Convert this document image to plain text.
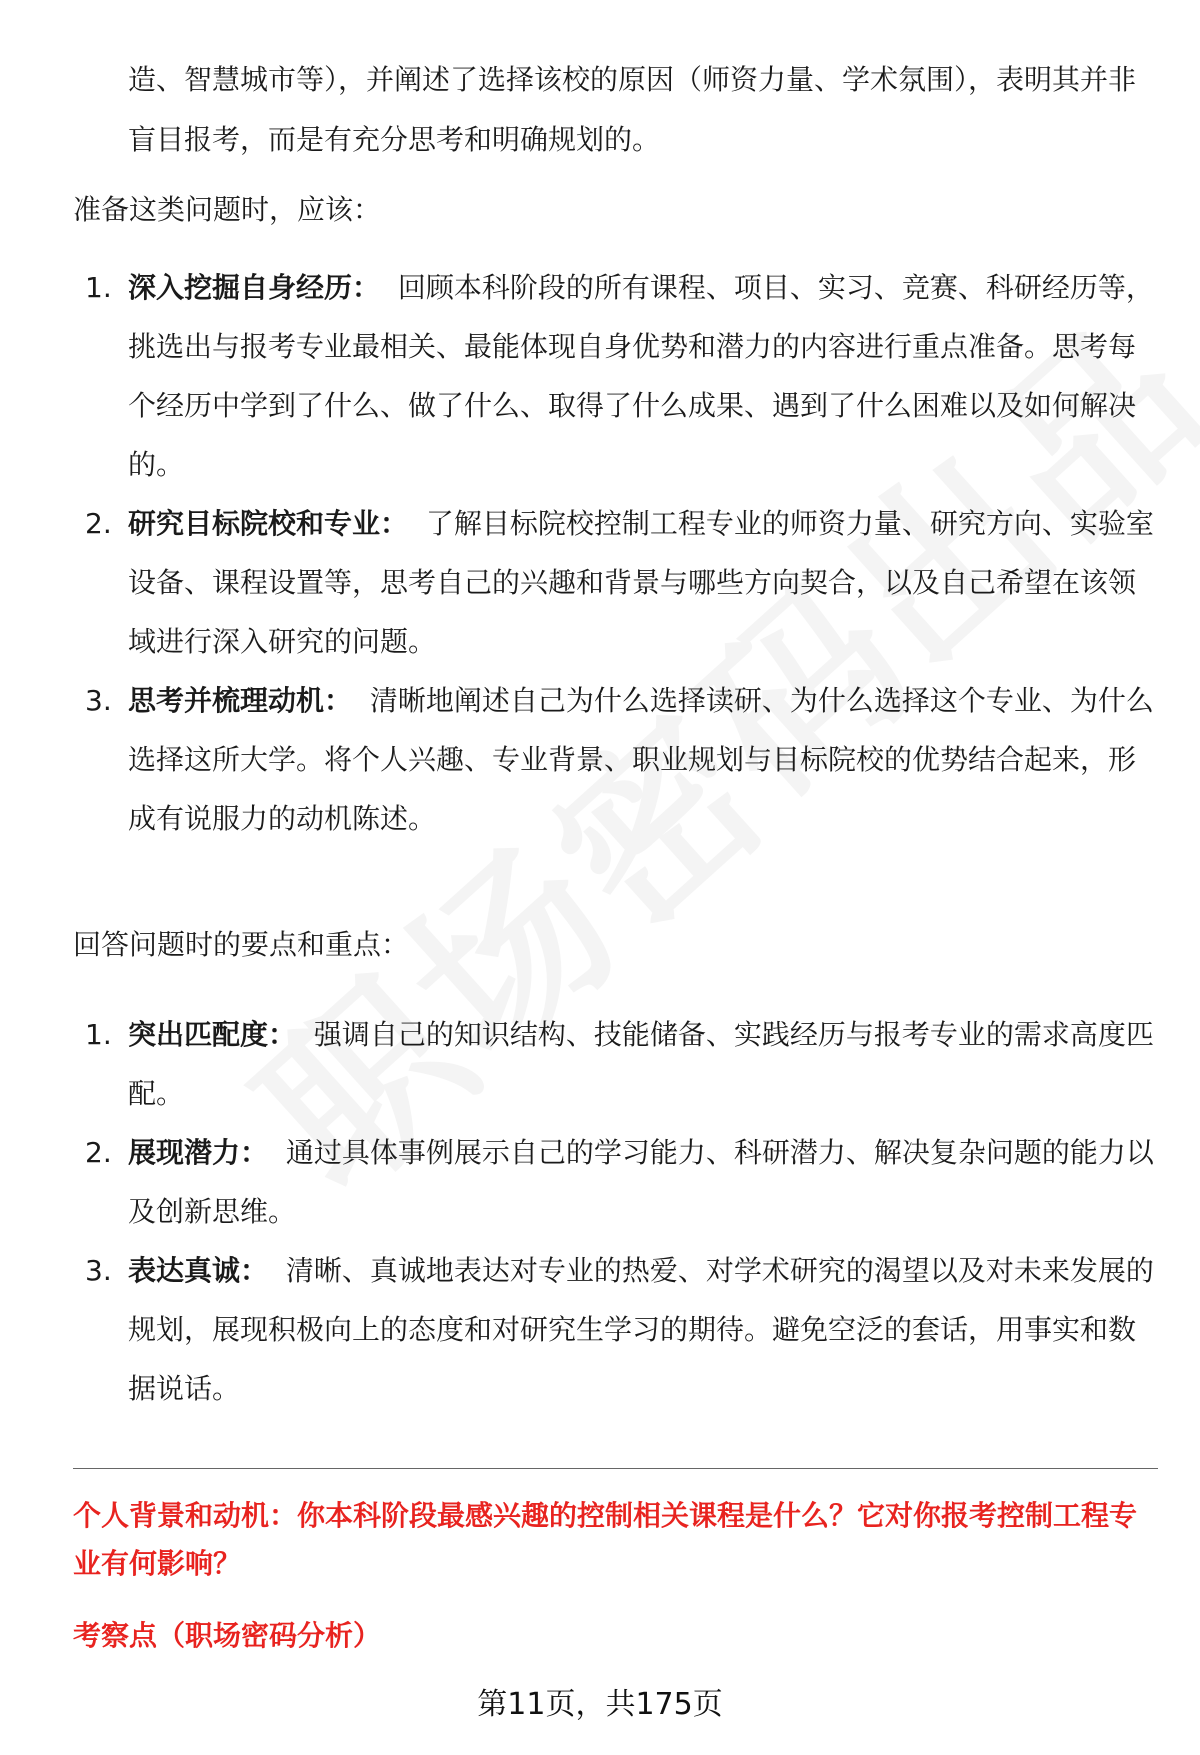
造、智慧城市等），并阐述了选择该校的原因（师资力量、学术氛围），表明其并非盲目报考，而是有充分思考和明确规划的。

准备这类问题时，应该：

1. 深入挖掘自身经历： 回顾本科阶段的所有课程、项目、实习、竞赛、科研经历等，挑选出与报考专业最相关、最能体现自身优势和潜力的内容进行重点准备。思考每个经历中学到了什么、做了什么、取得了什么成果、遇到了什么困难以及如何解决的。
2. 研究目标院校和专业： 了解目标院校控制工程专业的师资力量、研究方向、实验室设备、课程设置等，思考自己的兴趣和背景与哪些方向契合，以及自己希望在该领域进行深入研究的问题。
3. 思考并梳理动机： 清晰地阐述自己为什么选择读研、为什么选择这个专业、为什么选择这所大学。将个人兴趣、专业背景、职业规划与目标院校的优势结合起来，形成有说服力的动机陈述。

回答问题时的要点和重点：

1. 突出匹配度： 强调自己的知识结构、技能储备、实践经历与报考专业的需求高度匹配。
2. 展现潜力： 通过具体事例展示自己的学习能力、科研潜力、解决复杂问题的能力以及创新思维。
3. 表达真诚： 清晰、真诚地表达对专业的热爱、对学术研究的渴望以及对未来发展的规划，展现积极向上的态度和对研究生学习的期待。避免空泛的套话，用事实和数据说话。
个人背景和动机：你本科阶段最感兴趣的控制相关课程是什么？它对你报考控制工程专业有何影响？
考察点（职场密码分析）
第11页，共175页
